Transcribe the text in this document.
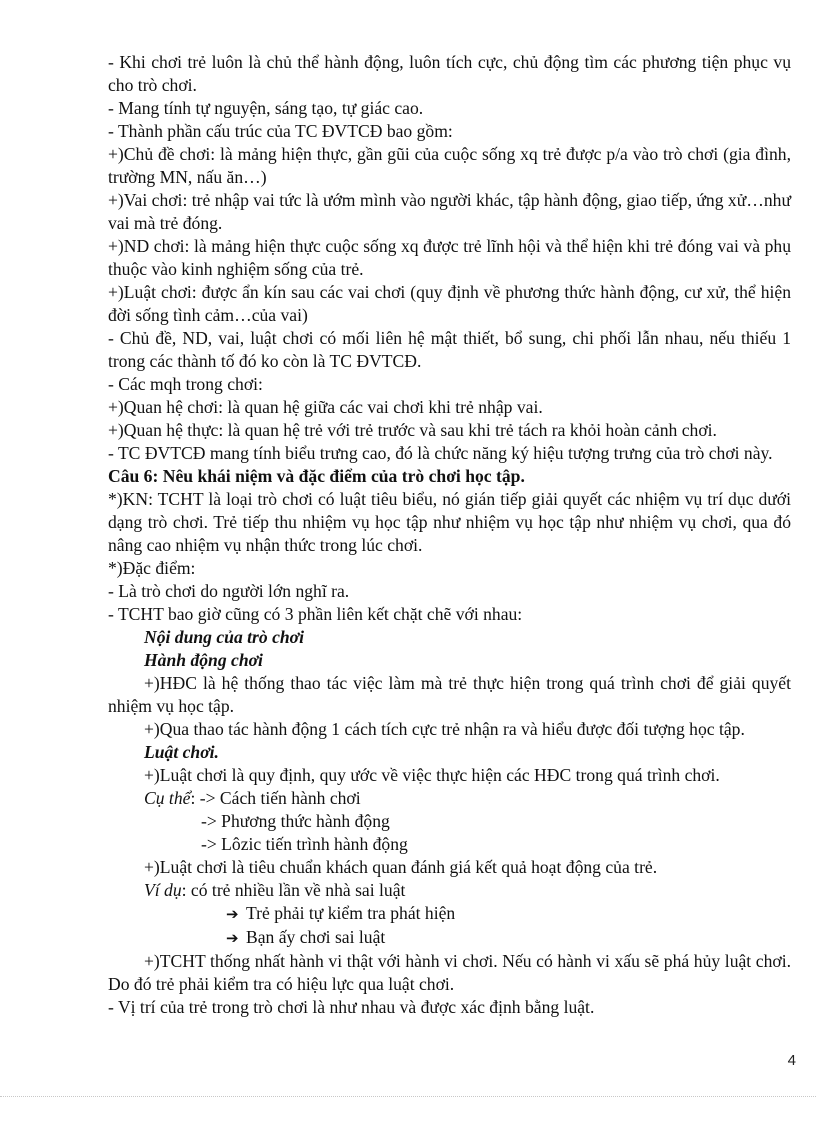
- Khi chơi trẻ luôn là chủ thể hành động, luôn tích cực, chủ động tìm các phương tiện phục vụ cho trò chơi.

- Mang tính tự nguyện, sáng tạo, tự giác cao.

- Thành phần cấu trúc của TC ĐVTCĐ bao gồm:

+)Chủ đề chơi: là mảng hiện thực, gần gũi của cuộc sống xq trẻ được p/a vào trò chơi (gia đình, trường MN, nấu ăn…)

+)Vai chơi: trẻ nhập vai tức là ướm mình vào người khác, tập hành động, giao tiếp, ứng xử…như vai mà trẻ đóng.

+)ND chơi: là mảng hiện thực cuộc sống xq được trẻ lĩnh hội và thể hiện khi trẻ đóng vai và phụ thuộc vào kinh nghiệm sống của trẻ.

+)Luật chơi: được ẩn kín sau các vai chơi (quy định về phương thức hành động, cư xử, thể hiện đời sống tình cảm…của vai)

- Chủ đề, ND, vai, luật chơi có mối liên hệ mật thiết, bổ sung, chi phối lẫn nhau, nếu thiếu 1 trong các thành tố đó ko còn là TC ĐVTCĐ.

- Các mqh trong chơi:

+)Quan hệ chơi: là quan hệ giữa các vai chơi khi trẻ nhập vai.

+)Quan hệ thực: là quan hệ trẻ với trẻ trước và sau khi trẻ tách ra khỏi hoàn cảnh chơi.

- TC ĐVTCĐ mang tính biểu trưng cao, đó là chức năng ký hiệu tượng trưng của trò chơi này.

Câu 6: Nêu khái niệm và đặc điểm của trò chơi học tập.

*)KN: TCHT là loại trò chơi có luật tiêu biểu, nó gián tiếp giải quyết các nhiệm vụ trí dục dưới dạng trò chơi. Trẻ tiếp thu nhiệm vụ học tập như nhiệm vụ học tập như nhiệm vụ chơi, qua đó nâng cao nhiệm vụ nhận thức trong lúc chơi.

*)Đặc điểm:

- Là trò chơi do người lớn nghĩ ra.

- TCHT bao giờ cũng có 3 phần liên kết chặt chẽ với nhau:

Nội dung của trò chơi

Hành động chơi

+)HĐC là hệ thống thao tác việc làm mà trẻ thực hiện trong quá trình chơi để giải quyết nhiệm vụ học tập.

+)Qua thao tác hành động 1 cách tích cực trẻ nhận ra và hiểu được đối tượng học tập.

Luật chơi.

+)Luật chơi là quy định, quy ước về việc thực hiện các HĐC trong quá trình chơi.

Cụ thể: -> Cách tiến hành chơi

-> Phương thức hành động

-> Lôzic tiến trình hành động

+)Luật chơi là tiêu chuẩn khách quan đánh giá kết quả hoạt động của trẻ.

Ví dụ: có trẻ nhiều lần về nhà sai luật

➔ Trẻ phải tự kiểm tra phát hiện

➔ Bạn ấy chơi sai luật

+)TCHT thống nhất hành vi thật với hành vi chơi. Nếu có hành vi xấu sẽ phá hủy luật chơi. Do đó trẻ phải kiểm tra có hiệu lực qua luật chơi.

- Vị trí của trẻ trong trò chơi là như nhau và được xác định bằng luật.

4
